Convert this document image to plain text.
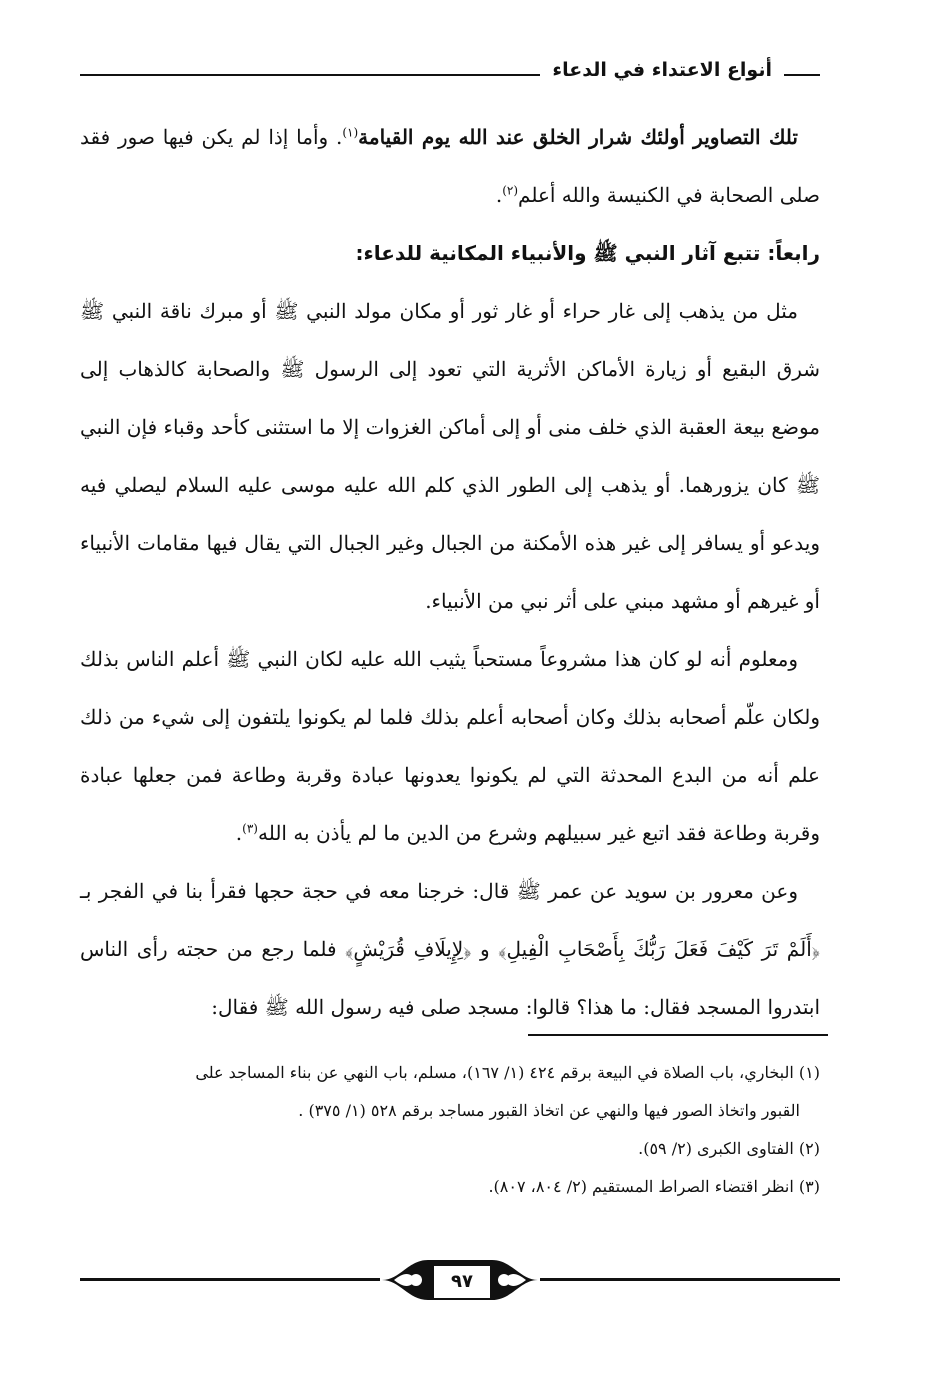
أنواع الاعتداء في الدعاء

تلك التصاوير أولئك شرار الخلق عند الله يوم القيامة$^{(١)}$. وأما إذا لم يكن فيها صور فقد صلى الصحابة في الكنيسة والله أعلم$^{(٢)}$.

رابعاً: تتبع آثار النبي ﷺ والأنبياء المكانية للدعاء:

مثل من يذهب إلى غار حراء أو غار ثور أو مكان مولد النبي ﷺ أو مبرك ناقة النبي ﷺ شرق البقيع أو زيارة الأماكن الأثرية التي تعود إلى الرسول ﷺ والصحابة كالذهاب إلى موضع بيعة العقبة الذي خلف منى أو إلى أماكن الغزوات إلا ما استثنى كأحد وقباء فإن النبي ﷺ كان يزورهما. أو يذهب إلى الطور الذي كلم الله عليه موسى عليه السلام ليصلي فيه ويدعو أو يسافر إلى غير هذه الأمكنة من الجبال وغير الجبال التي يقال فيها مقامات الأنبياء أو غيرهم أو مشهد مبني على أثر نبي من الأنبياء.

ومعلوم أنه لو كان هذا مشروعاً مستحباً يثيب الله عليه لكان النبي ﷺ أعلم الناس بذلك ولكان علّم أصحابه بذلك وكان أصحابه أعلم بذلك فلما لم يكونوا يلتفون إلى شيء من ذلك علم أنه من البدع المحدثة التي لم يكونوا يعدونها عبادة وقربة وطاعة فمن جعلها عبادة وقربة وطاعة فقد اتبع غير سبيلهم وشرع من الدين ما لم يأذن به الله$^{(٣)}$.

وعن معرور بن سويد عن عمر ﷺ قال: خرجنا معه في حجة حجها فقرأ بنا في الفجر بـ ﴿أَلَمْ تَرَ كَيْفَ فَعَلَ رَبُّكَ بِأَصْحَابِ الْفِيلِ﴾ و ﴿لِإِيلَافِ قُرَيْشٍ﴾ فلما رجع من حجته رأى الناس ابتدروا المسجد فقال: ما هذا؟ قالوا: مسجد صلى فيه رسول الله ﷺ فقال:

(١) البخاري، باب الصلاة في البيعة برقم ٤٢٤ (١/ ١٦٧)، مسلم، باب النهي عن بناء المساجد على

القبور واتخاذ الصور فيها والنهي عن اتخاذ القبور مساجد برقم ٥٢٨ (١/ ٣٧٥) .

(٢) الفتاوى الكبرى (٢/ ٥٩).

(٣) انظر اقتضاء الصراط المستقيم (٢/ ٨٠٤، ٨٠٧).

٩٧
